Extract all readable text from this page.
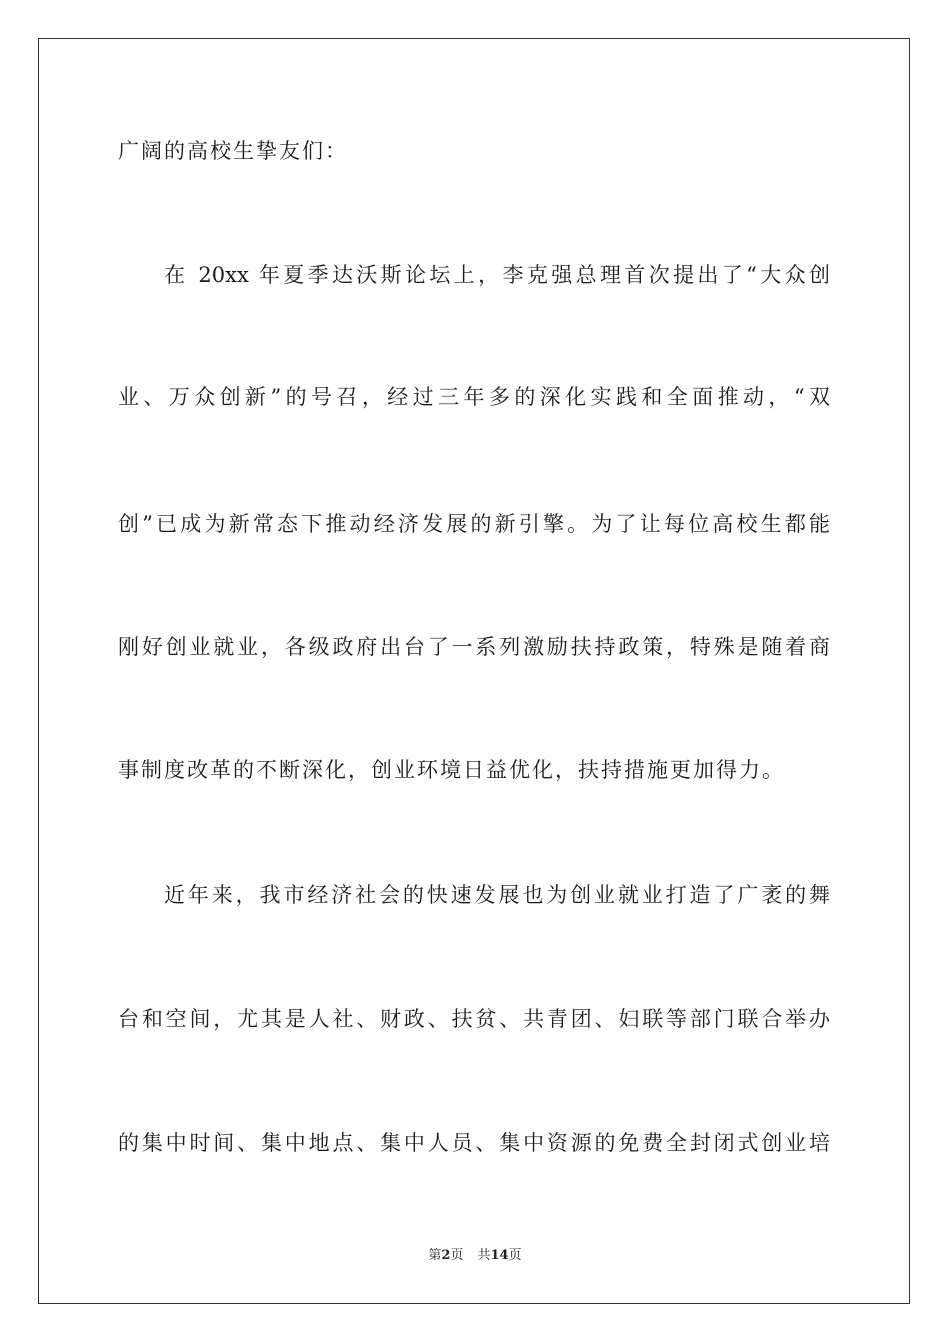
广阔的高校生挚友们：
在 20xx 年夏季达沃斯论坛上，李克强总理首次提出了“大众创
业、万众创新”的号召，经过三年多的深化实践和全面推动，“双
创”已成为新常态下推动经济发展的新引擎。为了让每位高校生都能
刚好创业就业，各级政府出台了一系列激励扶持政策，特殊是随着商
事制度改革的不断深化，创业环境日益优化，扶持措施更加得力。
近年来，我市经济社会的快速发展也为创业就业打造了广袤的舞
台和空间，尤其是人社、财政、扶贫、共青团、妇联等部门联合举办
的集中时间、集中地点、集中人员、集中资源的免费全封闭式创业培
第2页 共14页
